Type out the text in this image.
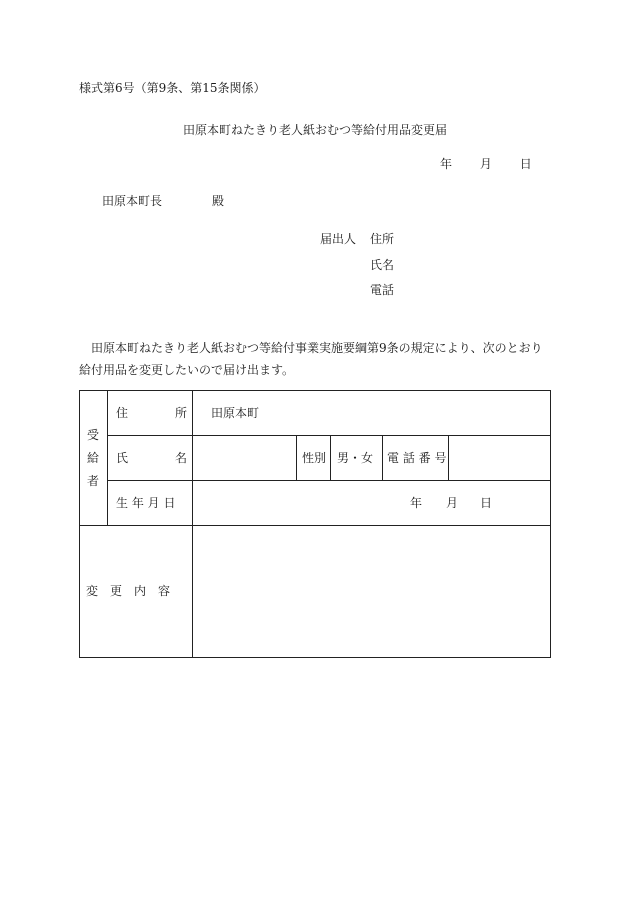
様式第6号（第9条、第15条関係）
田原本町ねたきり老人紙おむつ等給付用品変更届
年 月 日
田原本町長	殿
届出人 住所
氏名
電話
田原本町ねたきり老人紙おむつ等給付事業実施要綱第9条の規定により、次のとおり給付用品を変更したいので届け出ます。
受
給
者
住	所 田原本町
氏	名	性別 男・女 電 話 番 号
生 年 月 日	年 月 日
変　更　内　容
